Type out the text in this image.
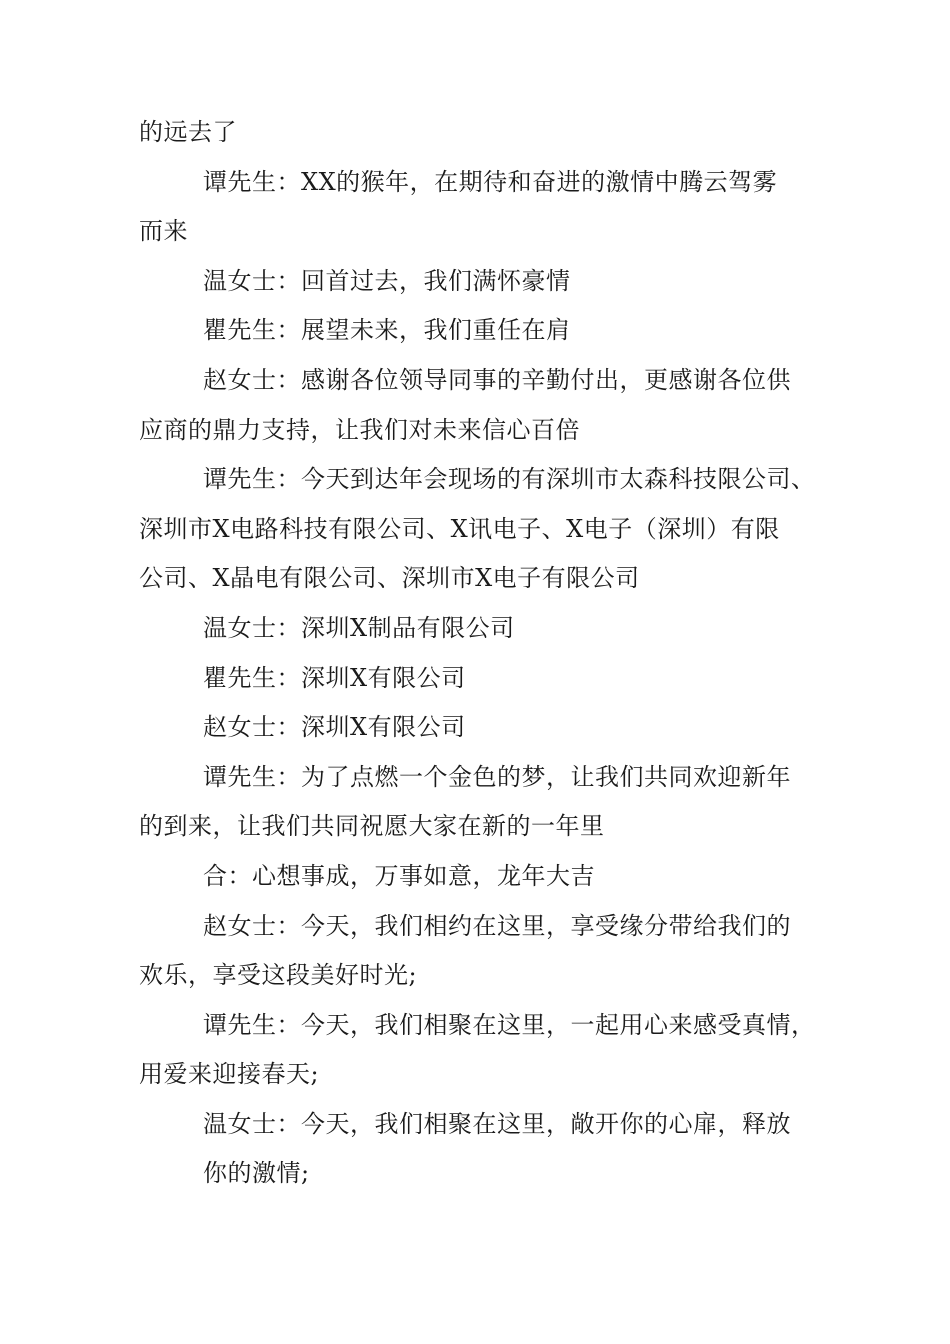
的远去了
谭先生：XX的猴年，在期待和奋进的激情中腾云驾雾
而来
温女士：回首过去，我们满怀豪情
瞿先生：展望未来，我们重任在肩
赵女士：感谢各位领导同事的辛勤付出，更感谢各位供
应商的鼎力支持，让我们对未来信心百倍
谭先生：今天到达年会现场的有深圳市太森科技限公司、
深圳市X电路科技有限公司、X讯电子、X电子（深圳）有限
公司、X晶电有限公司、深圳市X电子有限公司
温女士：深圳X制品有限公司
瞿先生：深圳X有限公司
赵女士：深圳X有限公司
谭先生：为了点燃一个金色的梦，让我们共同欢迎新年
的到来，让我们共同祝愿大家在新的一年里
合：心想事成，万事如意，龙年大吉
赵女士：今天，我们相约在这里，享受缘分带给我们的
欢乐，享受这段美好时光;
谭先生：今天，我们相聚在这里，一起用心来感受真情，
用爱来迎接春天;
温女士：今天，我们相聚在这里，敞开你的心扉，释放
你的激情;
